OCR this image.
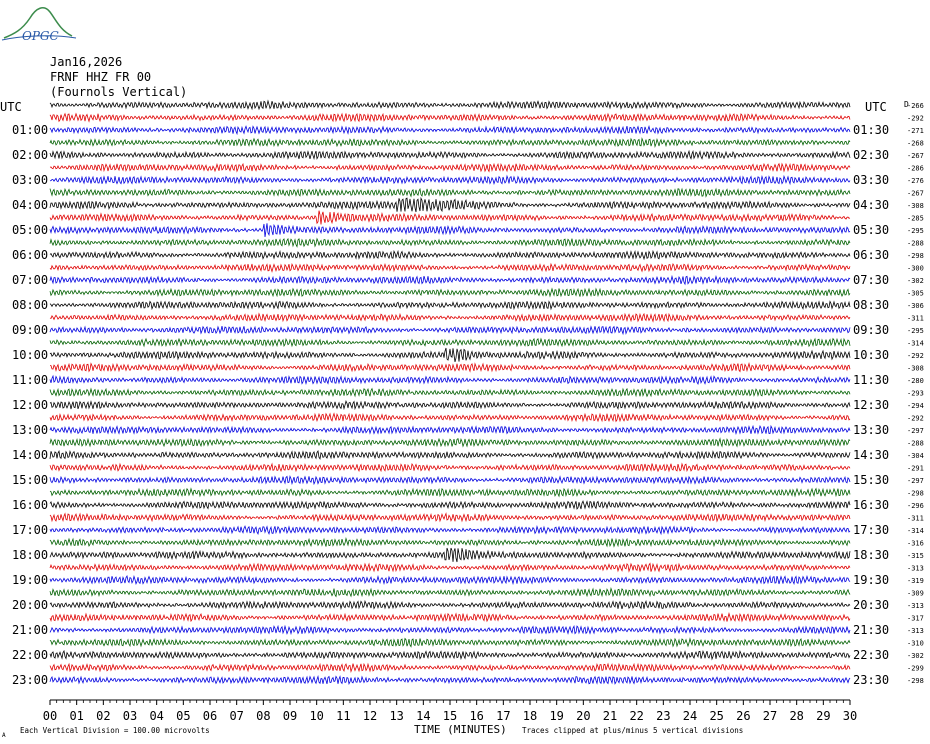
OPGC
Jan16,2026
FRNF HHZ FR 00
(Fournols Vertical)
-266
-292
-271
-268
-267
-286
-276
-267
-308
-285
-295
-288
-298
-300
-302
-305
-306
-311
-295
-314
-292
-308
-280
-293
-294
-292
-297
-288
-304
-291
-297
-298
-296
-311
-314
-316
-315
-313
-319
-309
-313
-317
-313
-310
-302
-299
-298
01:00
02:00
03:00
04:00
05:00
06:00
07:00
08:00
09:00
10:00
11:00
12:00
13:00
14:00
15:00
16:00
17:00
18:00
19:00
20:00
21:00
22:00
23:00
01:30
02:30
03:30
04:30
05:30
06:30
07:30
08:30
09:30
10:30
11:30
12:30
13:30
14:30
15:30
16:30
17:30
18:30
19:30
20:30
21:30
22:30
23:30
00 01 02 03 04 05 06 07 08 09 10 11 12 13 14 15 16 17 18 19 20 21 22 23 24 25 26 27 28 29 30
UTC	UTC D
TIME (MINUTES)
Each Vertical Division = 100.00 microvolts	Traces clipped at plus/minus 5 vertical divisions
A
